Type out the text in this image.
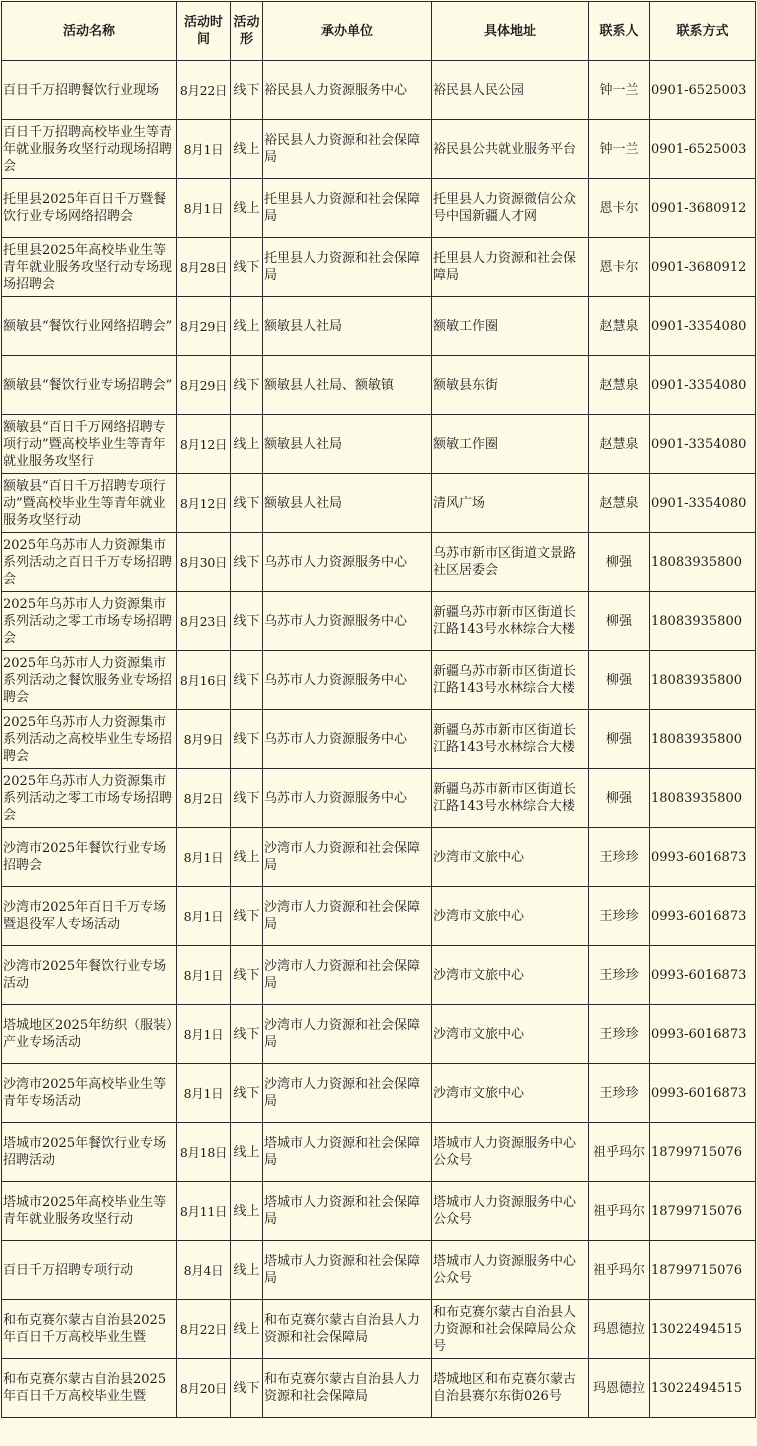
活动名称	活动时间	活动形	承办单位	具体地址	联系人	联系方式
百日千万招聘餐饮行业现场	8月22日	线下	裕民县人力资源服务中心	裕民县人民公园	钟一兰	0901-6525003
百日千万招聘高校毕业生等青年就业服务攻坚行动现场招聘会	8月1日	线上	裕民县人力资源和社会保障局	裕民县公共就业服务平台	钟一兰	0901-6525003
托里县2025年百日千万暨餐饮行业专场网络招聘会	8月1日	线上	托里县人力资源和社会保障局	托里县人力资源微信公众号中国新疆人才网	恩卡尔	0901-3680912
托里县2025年高校毕业生等青年就业服务攻坚行动专场现场招聘会	8月28日	线下	托里县人力资源和社会保障局	托里县人力资源和社会保障局	恩卡尔	0901-3680912
额敏县“餐饮行业网络招聘会”	8月29日	线上	额敏县人社局	额敏工作圈	赵慧泉	0901-3354080
额敏县“餐饮行业专场招聘会”	8月29日	线下	额敏县人社局、额敏镇	额敏县东街	赵慧泉	0901-3354080
额敏县“百日千万网络招聘专项行动”暨高校毕业生等青年就业服务攻坚行	8月12日	线上	额敏县人社局	额敏工作圈	赵慧泉	0901-3354080
额敏县“百日千万招聘专项行动”暨高校毕业生等青年就业服务攻坚行动	8月12日	线下	额敏县人社局	清风广场	赵慧泉	0901-3354080
2025年乌苏市人力资源集市系列活动之百日千万专场招聘会	8月30日	线下	乌苏市人力资源服务中心	乌苏市新市区街道文景路社区居委会	柳强	18083935800
2025年乌苏市人力资源集市系列活动之零工市场专场招聘会	8月23日	线下	乌苏市人力资源服务中心	新疆乌苏市新市区街道长江路143号水林综合大楼	柳强	18083935800
2025年乌苏市人力资源集市系列活动之餐饮服务业专场招聘会	8月16日	线下	乌苏市人力资源服务中心	新疆乌苏市新市区街道长江路143号水林综合大楼	柳强	18083935800
2025年乌苏市人力资源集市系列活动之高校毕业生专场招聘会	8月9日	线下	乌苏市人力资源服务中心	新疆乌苏市新市区街道长江路143号水林综合大楼	柳强	18083935800
2025年乌苏市人力资源集市系列活动之零工市场专场招聘会	8月2日	线下	乌苏市人力资源服务中心	新疆乌苏市新市区街道长江路143号水林综合大楼	柳强	18083935800
沙湾市2025年餐饮行业专场招聘会	8月1日	线上	沙湾市人力资源和社会保障局	沙湾市文旅中心	王珍珍	0993-6016873
沙湾市2025年百日千万专场暨退役军人专场活动	8月1日	线下	沙湾市人力资源和社会保障局	沙湾市文旅中心	王珍珍	0993-6016873
沙湾市2025年餐饮行业专场活动	8月1日	线下	沙湾市人力资源和社会保障局	沙湾市文旅中心	王珍珍	0993-6016873
塔城地区2025年纺织（服装）产业专场活动	8月1日	线下	沙湾市人力资源和社会保障局	沙湾市文旅中心	王珍珍	0993-6016873
沙湾市2025年高校毕业生等青年专场活动	8月1日	线下	沙湾市人力资源和社会保障局	沙湾市文旅中心	王珍珍	0993-6016873
塔城市2025年餐饮行业专场招聘活动	8月18日	线上	塔城市人力资源和社会保障局	塔城市人力资源服务中心公众号	祖乎玛尔	18799715076
塔城市2025年高校毕业生等青年就业服务攻坚行动	8月11日	线上	塔城市人力资源和社会保障局	塔城市人力资源服务中心公众号	祖乎玛尔	18799715076
百日千万招聘专项行动	8月4日	线上	塔城市人力资源和社会保障局	塔城市人力资源服务中心公众号	祖乎玛尔	18799715076
和布克赛尔蒙古自治县2025年百日千万高校毕业生暨	8月22日	线上	和布克赛尔蒙古自治县人力资源和社会保障局	和布克赛尔蒙古自治县人力资源和社会保障局公众号	玛恩德拉	13022494515
和布克赛尔蒙古自治县2025年百日千万高校毕业生暨	8月20日	线下	和布克赛尔蒙古自治县人力资源和社会保障局	塔城地区和布克赛尔蒙古自治县赛尔东街026号	玛恩德拉	13022494515
